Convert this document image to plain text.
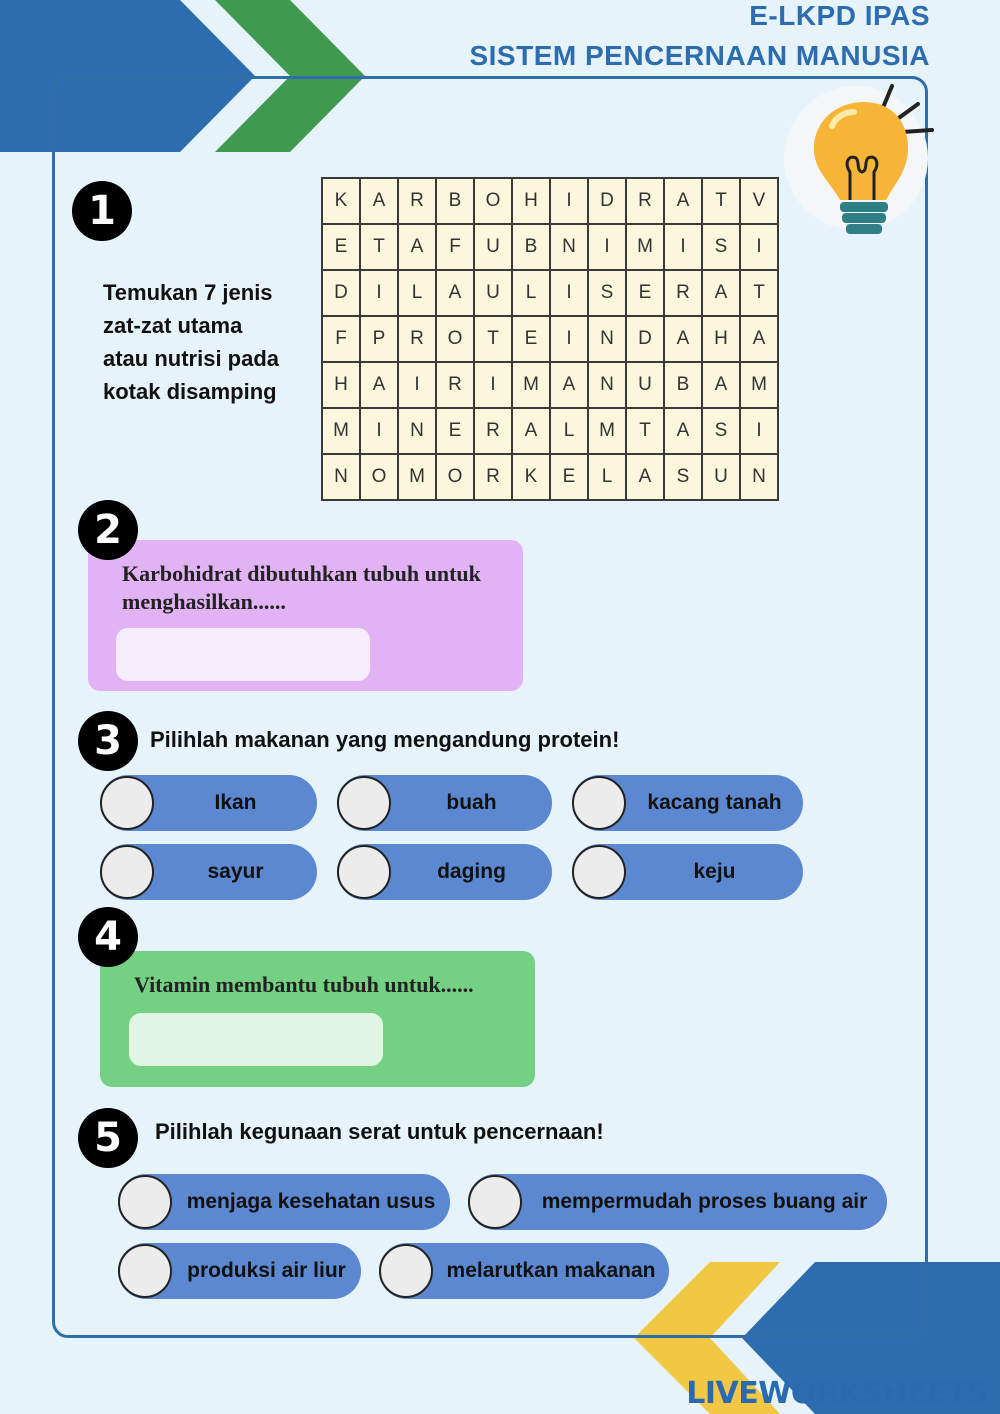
E-LKPD IPAS
SISTEM PENCERNAAN MANUSIA
1
Temukan 7 jenis
zat-zat utama
atau nutrisi pada
kotak disamping
K	A	R	B	O	H	I	D	R	A	T	V
E	T	A	F	U	B	N	I	M	I	S	I
D	I	L	A	U	L	I	S	E	R	A	T
F	P	R	O	T	E	I	N	D	A	H	A
H	A	I	R	I	M	A	N	U	B	A	M
M	I	N	E	R	A	L	M	T	A	S	I
N	O	M	O	R	K	E	L	A	S	U	N
2
Karbohidrat dibutuhkan tubuh untuk
menghasilkan......
3	Pilihlah makanan yang mengandung protein!
Ikan	buah	kacang tanah
sayur	daging	keju
4
Vitamin membantu tubuh untuk......
5	Pilihlah kegunaan serat untuk pencernaan!
menjaga kesehatan usus	mempermudah proses buang air
produksi air liur	melarutkan makanan
LIVEWORKSHEETS
